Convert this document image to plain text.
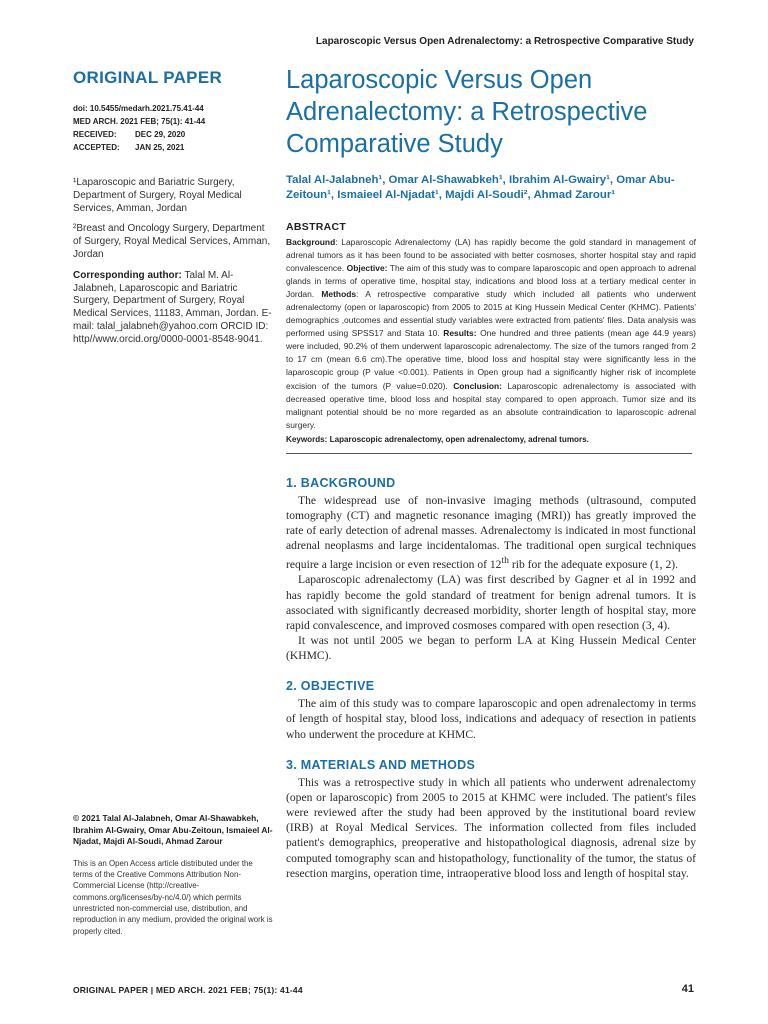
Laparoscopic Versus Open Adrenalectomy: a Retrospective Comparative Study
ORIGINAL PAPER
doi: 10.5455/medarh.2021.75.41-44
MED ARCH. 2021 FEB; 75(1): 41-44
RECEIVED:	DEC 29, 2020
ACCEPTED:	JAN 25, 2021

¹Laparoscopic and Bariatric Surgery, Department of Surgery, Royal Medical Services, Amman, Jordan

²Breast and Oncology Surgery, Department of Surgery, Royal Medical Services, Amman, Jordan

Corresponding author: Talal M. Al-Jalabneh, Laparoscopic and Bariatric Surgery, Department of Surgery, Royal Medical Services, 11183, Amman, Jordan. E-mail: talal_jalabneh@yahoo.com ORCID ID: http//www.orcid.org/0000-0001-8548-9041.
© 2021 Talal Al-Jalabneh, Omar Al-Shawabkeh, Ibrahim Al-Gwairy, Omar Abu-Zeitoun, Ismaieel Al-Njadat, Majdi Al-Soudi, Ahmad Zarour
This is an Open Access article distributed under the terms of the Creative Commons Attribution Non-Commercial License (http://creative-commons.org/licenses/by-nc/4.0/) which permits unrestricted non-commercial use, distribution, and reproduction in any medium, provided the original work is properly cited.
Laparoscopic Versus Open Adrenalectomy: a Retrospective Comparative Study
Talal Al-Jalabneh¹, Omar Al-Shawabkeh¹, Ibrahim Al-Gwairy¹, Omar Abu-Zeitoun¹, Ismaieel Al-Njadat¹, Majdi Al-Soudi², Ahmad Zarour¹
ABSTRACT
Background: Laparoscopic Adrenalectomy (LA) has rapidly become the gold standard in management of adrenal tumors as it has been found to be associated with better cosmoses, shorter hospital stay and rapid convalescence. Objective: The aim of this study was to compare laparoscopic and open approach to adrenal glands in terms of operative time, hospital stay, indications and blood loss at a tertiary medical center in Jordan. Methods: A retrospective comparative study which included all patients who underwent adrenalectomy (open or laparoscopic) from 2005 to 2015 at King Hussein Medical Center (KHMC). Patients' demographics ,outcomes and essential study variables were extracted from patients' files. Data analysis was performed using SPSS17 and Stata 10. Results: One hundred and three patients (mean age 44.9 years) were included, 90.2% of them underwent laparoscopic adrenalectomy. The size of the tumors ranged from 2 to 17 cm (mean 6.6 cm).The operative time, blood loss and hospital stay were significantly less in the laparoscopic group (P value <0.001). Patients in Open group had a significantly higher risk of incomplete excision of the tumors (P value=0.020). Conclusion: Laparoscopic adrenalectomy is associated with decreased operative time, blood loss and hospital stay compared to open approach. Tumor size and its malignant potential should be no more regarded as an absolute contraindication to laparoscopic adrenal surgery.
Keywords: Laparoscopic adrenalectomy, open adrenalectomy, adrenal tumors.
1. BACKGROUND

The widespread use of non-invasive imaging methods (ultrasound, computed tomography (CT) and magnetic resonance imaging (MRI)) has greatly improved the rate of early detection of adrenal masses. Adrenalectomy is indicated in most functional adrenal neoplasms and large incidentalomas. The traditional open surgical techniques require a large incision or even resection of 12th rib for the adequate exposure (1, 2).

Laparoscopic adrenalectomy (LA) was first described by Gagner et al in 1992 and has rapidly become the gold standard of treatment for benign adrenal tumors. It is associated with significantly decreased morbidity, shorter length of hospital stay, more rapid convalescence, and improved cosmoses compared with open resection (3, 4).

It was not until 2005 we began to perform LA at King Hussein Medical Center (KHMC).

2. OBJECTIVE

The aim of this study was to compare laparoscopic and open adrenalectomy in terms of length of hospital stay, blood loss, indications and adequacy of resection in patients who underwent the procedure at KHMC.

3. MATERIALS AND METHODS

This was a retrospective study in which all patients who underwent adrenalectomy (open or laparoscopic) from 2005 to 2015 at KHMC were included. The patient's files were reviewed after the study had been approved by the institutional board review (IRB) at Royal Medical Services. The information collected from files included patient's demographics, preoperative and histopathological diagnosis, adrenal size by computed tomography scan and histopathology, functionality of the tumor, the status of resection margins, operation time, intraoperative blood loss and length of hospital stay.

ORIGINAL PAPER | MED ARCH. 2021 FEB; 75(1): 41-44	41
